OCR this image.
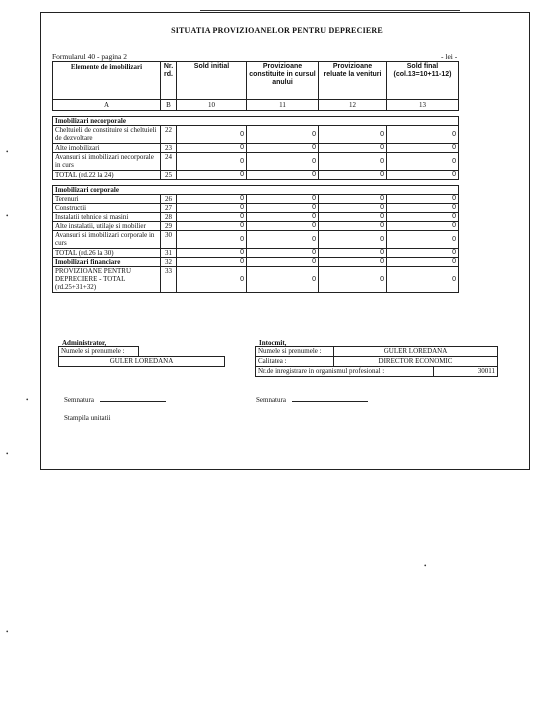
SITUATIA PROVIZIOANELOR PENTRU DEPRECIERE
Formularul 40 - pagina 2	- lei -
Elemente de imobilizari	Nr. rd.	Sold initial	Provizioane constituite in cursul anului	Provizioane reluate la venituri	Sold final (col.13=10+11-12)
A	B	10	11	12	13

Imobilizari necorporale					
Cheltuieli de constituire si cheltuieli de dezvoltare	22	0	0	0	0
Alte imobilizari	23	0	0	0	0
Avansuri si imobilizari necorporale in curs	24	0	0	0	0
TOTAL (rd.22 la 24)	25	0	0	0	0

Imobilizari corporale					
Terenuri	26	0	0	0	0
Constructii	27	0	0	0	0
Instalatii tehnice si masini	28	0	0	0	0
Alte instalatii, utilaje si mobilier	29	0	0	0	0
Avansuri si imobilizari corporale in curs	30	0	0	0	0
TOTAL (rd.26 la 30)	31	0	0	0	0
Imobilizari financiare	32	0	0	0	0
PROVIZIOANE PENTRU DEPRECIERE - TOTAL (rd.25+31+32)	33	0	0	0	0
Administrator,
Numele si prenumele :	
GULER LOREDANA
Intocmit,
Numele si prenumele :	GULER LOREDANA	
Calitatea :	DIRECTOR ECONOMIC	
Nr.de inregistrare in organismul profesional :		30011
Semnatura	Semnatura
Stampila unitatii
•
•
•
•
•
•
